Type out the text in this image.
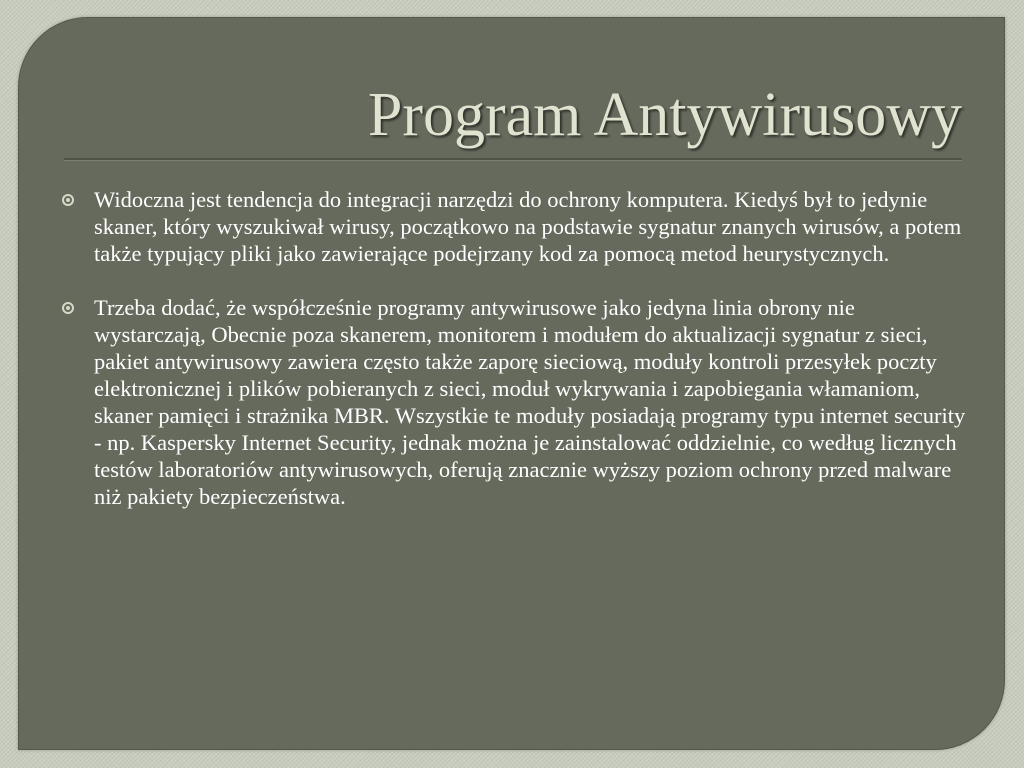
Program Antywirusowy
Widoczna jest tendencja do integracji narzędzi do ochrony komputera. Kiedyś był to jedynie skaner, który wyszukiwał wirusy, początkowo na podstawie sygnatur znanych wirusów, a potem także typujący pliki jako zawierające podejrzany kod za pomocą metod heurystycznych.
Trzeba dodać, że współcześnie programy antywirusowe jako jedyna linia obrony nie wystarczają, Obecnie poza skanerem, monitorem i modułem do aktualizacji sygnatur z sieci, pakiet antywirusowy zawiera często także zaporę sieciową, moduły kontroli przesyłek poczty elektronicznej i plików pobieranych z sieci, moduł wykrywania i zapobiegania włamaniom, skaner pamięci i strażnika MBR. Wszystkie te moduły posiadają programy typu internet security - np. Kaspersky Internet Security, jednak można je zainstalować oddzielnie, co według licznych testów laboratoriów antywirusowych, oferują znacznie wyższy poziom ochrony przed malware niż pakiety bezpieczeństwa.
